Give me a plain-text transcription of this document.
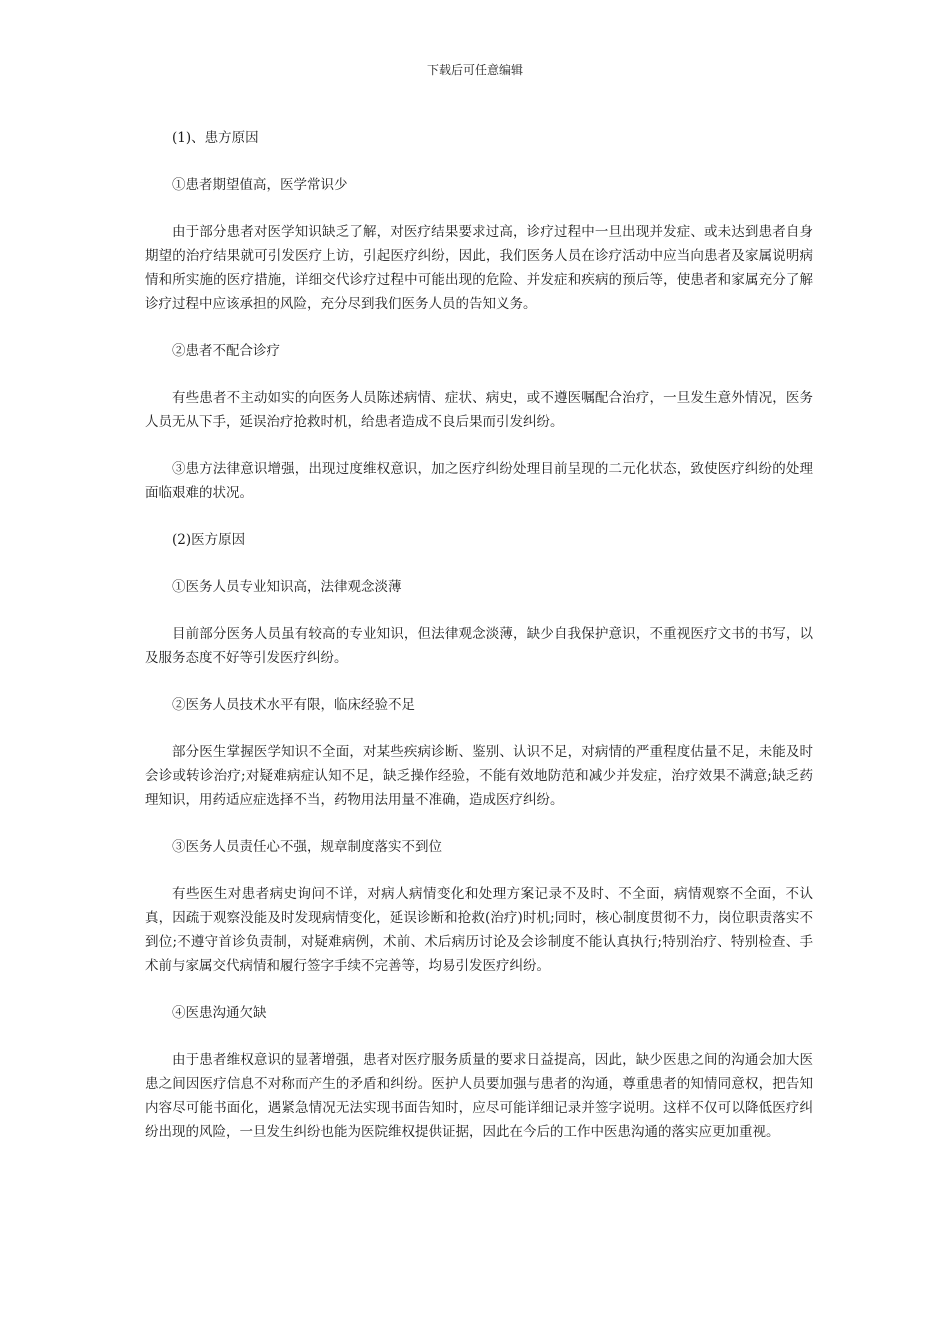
下载后可任意编辑

(1)、患方原因

①患者期望值高，医学常识少

由于部分患者对医学知识缺乏了解，对医疗结果要求过高，诊疗过程中一旦出现并发症、或未达到患者自身期望的治疗结果就可引发医疗上访，引起医疗纠纷，因此，我们医务人员在诊疗活动中应当向患者及家属说明病情和所实施的医疗措施，详细交代诊疗过程中可能出现的危险、并发症和疾病的预后等，使患者和家属充分了解诊疗过程中应该承担的风险，充分尽到我们医务人员的告知义务。

②患者不配合诊疗

有些患者不主动如实的向医务人员陈述病情、症状、病史，或不遵医嘱配合治疗，一旦发生意外情况，医务人员无从下手，延误治疗抢救时机，给患者造成不良后果而引发纠纷。

③患方法律意识增强，出现过度维权意识，加之医疗纠纷处理目前呈现的二元化状态，致使医疗纠纷的处理面临艰难的状况。

(2)医方原因

①医务人员专业知识高，法律观念淡薄

目前部分医务人员虽有较高的专业知识，但法律观念淡薄，缺少自我保护意识，不重视医疗文书的书写，以及服务态度不好等引发医疗纠纷。

②医务人员技术水平有限，临床经验不足

部分医生掌握医学知识不全面，对某些疾病诊断、鉴别、认识不足，对病情的严重程度估量不足，未能及时会诊或转诊治疗;对疑难病症认知不足，缺乏操作经验，不能有效地防范和减少并发症，治疗效果不满意;缺乏药理知识，用药适应症选择不当，药物用法用量不准确，造成医疗纠纷。

③医务人员责任心不强，规章制度落实不到位

有些医生对患者病史询问不详，对病人病情变化和处理方案记录不及时、不全面，病情观察不全面，不认真，因疏于观察没能及时发现病情变化，延误诊断和抢救(治疗)时机;同时，核心制度贯彻不力，岗位职责落实不到位;不遵守首诊负责制，对疑难病例，术前、术后病历讨论及会诊制度不能认真执行;特别治疗、特别检查、手术前与家属交代病情和履行签字手续不完善等，均易引发医疗纠纷。

④医患沟通欠缺

由于患者维权意识的显著增强，患者对医疗服务质量的要求日益提高，因此，缺少医患之间的沟通会加大医患之间因医疗信息不对称而产生的矛盾和纠纷。医护人员要加强与患者的沟通，尊重患者的知情同意权，把告知内容尽可能书面化，遇紧急情况无法实现书面告知时，应尽可能详细记录并签字说明。这样不仅可以降低医疗纠纷出现的风险，一旦发生纠纷也能为医院维权提供证据，因此在今后的工作中医患沟通的落实应更加重视。
